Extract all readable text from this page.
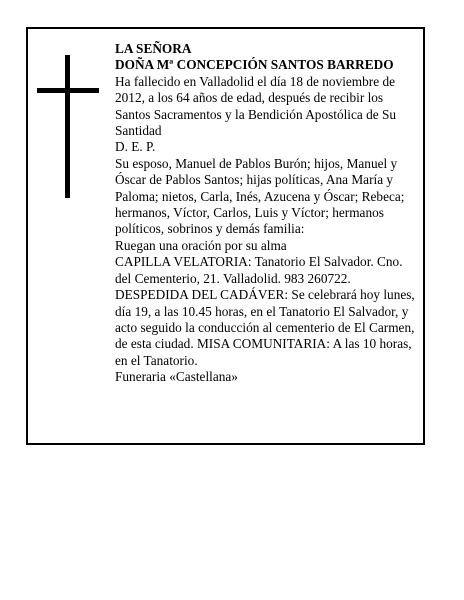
LA SEÑORA

DOÑA Mª CONCEPCIÓN SANTOS BARREDO

Ha fallecido en Valladolid el día 18 de noviembre de 2012, a los 64 años de edad, después de recibir los Santos Sacramentos y la Bendición Apostólica de Su Santidad

D. E. P.

Su esposo, Manuel de Pablos Burón; hijos, Manuel y Óscar de Pablos Santos; hijas políticas, Ana María y Paloma; nietos, Carla, Inés, Azucena y Óscar; Rebeca; hermanos, Víctor, Carlos, Luis y Víctor; hermanos políticos, sobrinos y demás familia:

Ruegan una oración por su alma

CAPILLA VELATORIA: Tanatorio El Salvador. Cno. del Cementerio, 21. Valladolid. 983 260722.

DESPEDIDA DEL CADÁVER: Se celebrará hoy lunes, día 19, a las 10.45 horas, en el Tanatorio El Salvador, y acto seguido la conducción al cementerio de El Carmen, de esta ciudad. MISA COMUNITARIA: A las 10 horas, en el Tanatorio.

Funeraria «Castellana»
